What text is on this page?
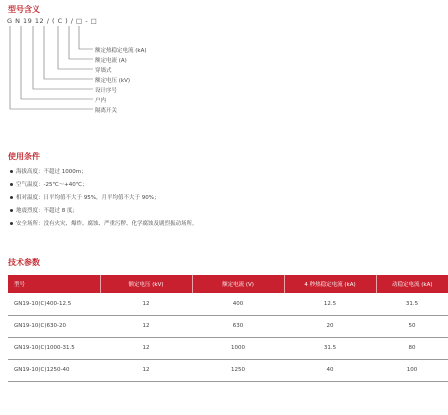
型号含义
G N 19 12 / ( C ) / □ - □
额定热稳定电流 (kA)
额定电流 (A)
穿墙式
额定电压 (kV)
设计序号
户内
隔离开关
使用条件
海拔高度：不超过 1000m；
空气温度：-25℃～+40℃；
相对温度：日平均值不大于 95%，月平均值不大于 90%；
地震烈度：不超过 8 度；
安全场所：没有火灾、爆炸、腐蚀、严重污秽、化学腐蚀及剧烈振动场所。
技术参数
型号	额定电压 (kV)	额定电流 (V)	4 秒热稳定电流 (kA)	动稳定电流 (kA)
GN19-10(C)400-12.5	12	400	12.5	31.5
GN19-10(C)630-20	12	630	20	50
GN19-10(C)1000-31.5	12	1000	31.5	80
GN19-10(C)1250-40	12	1250	40	100
